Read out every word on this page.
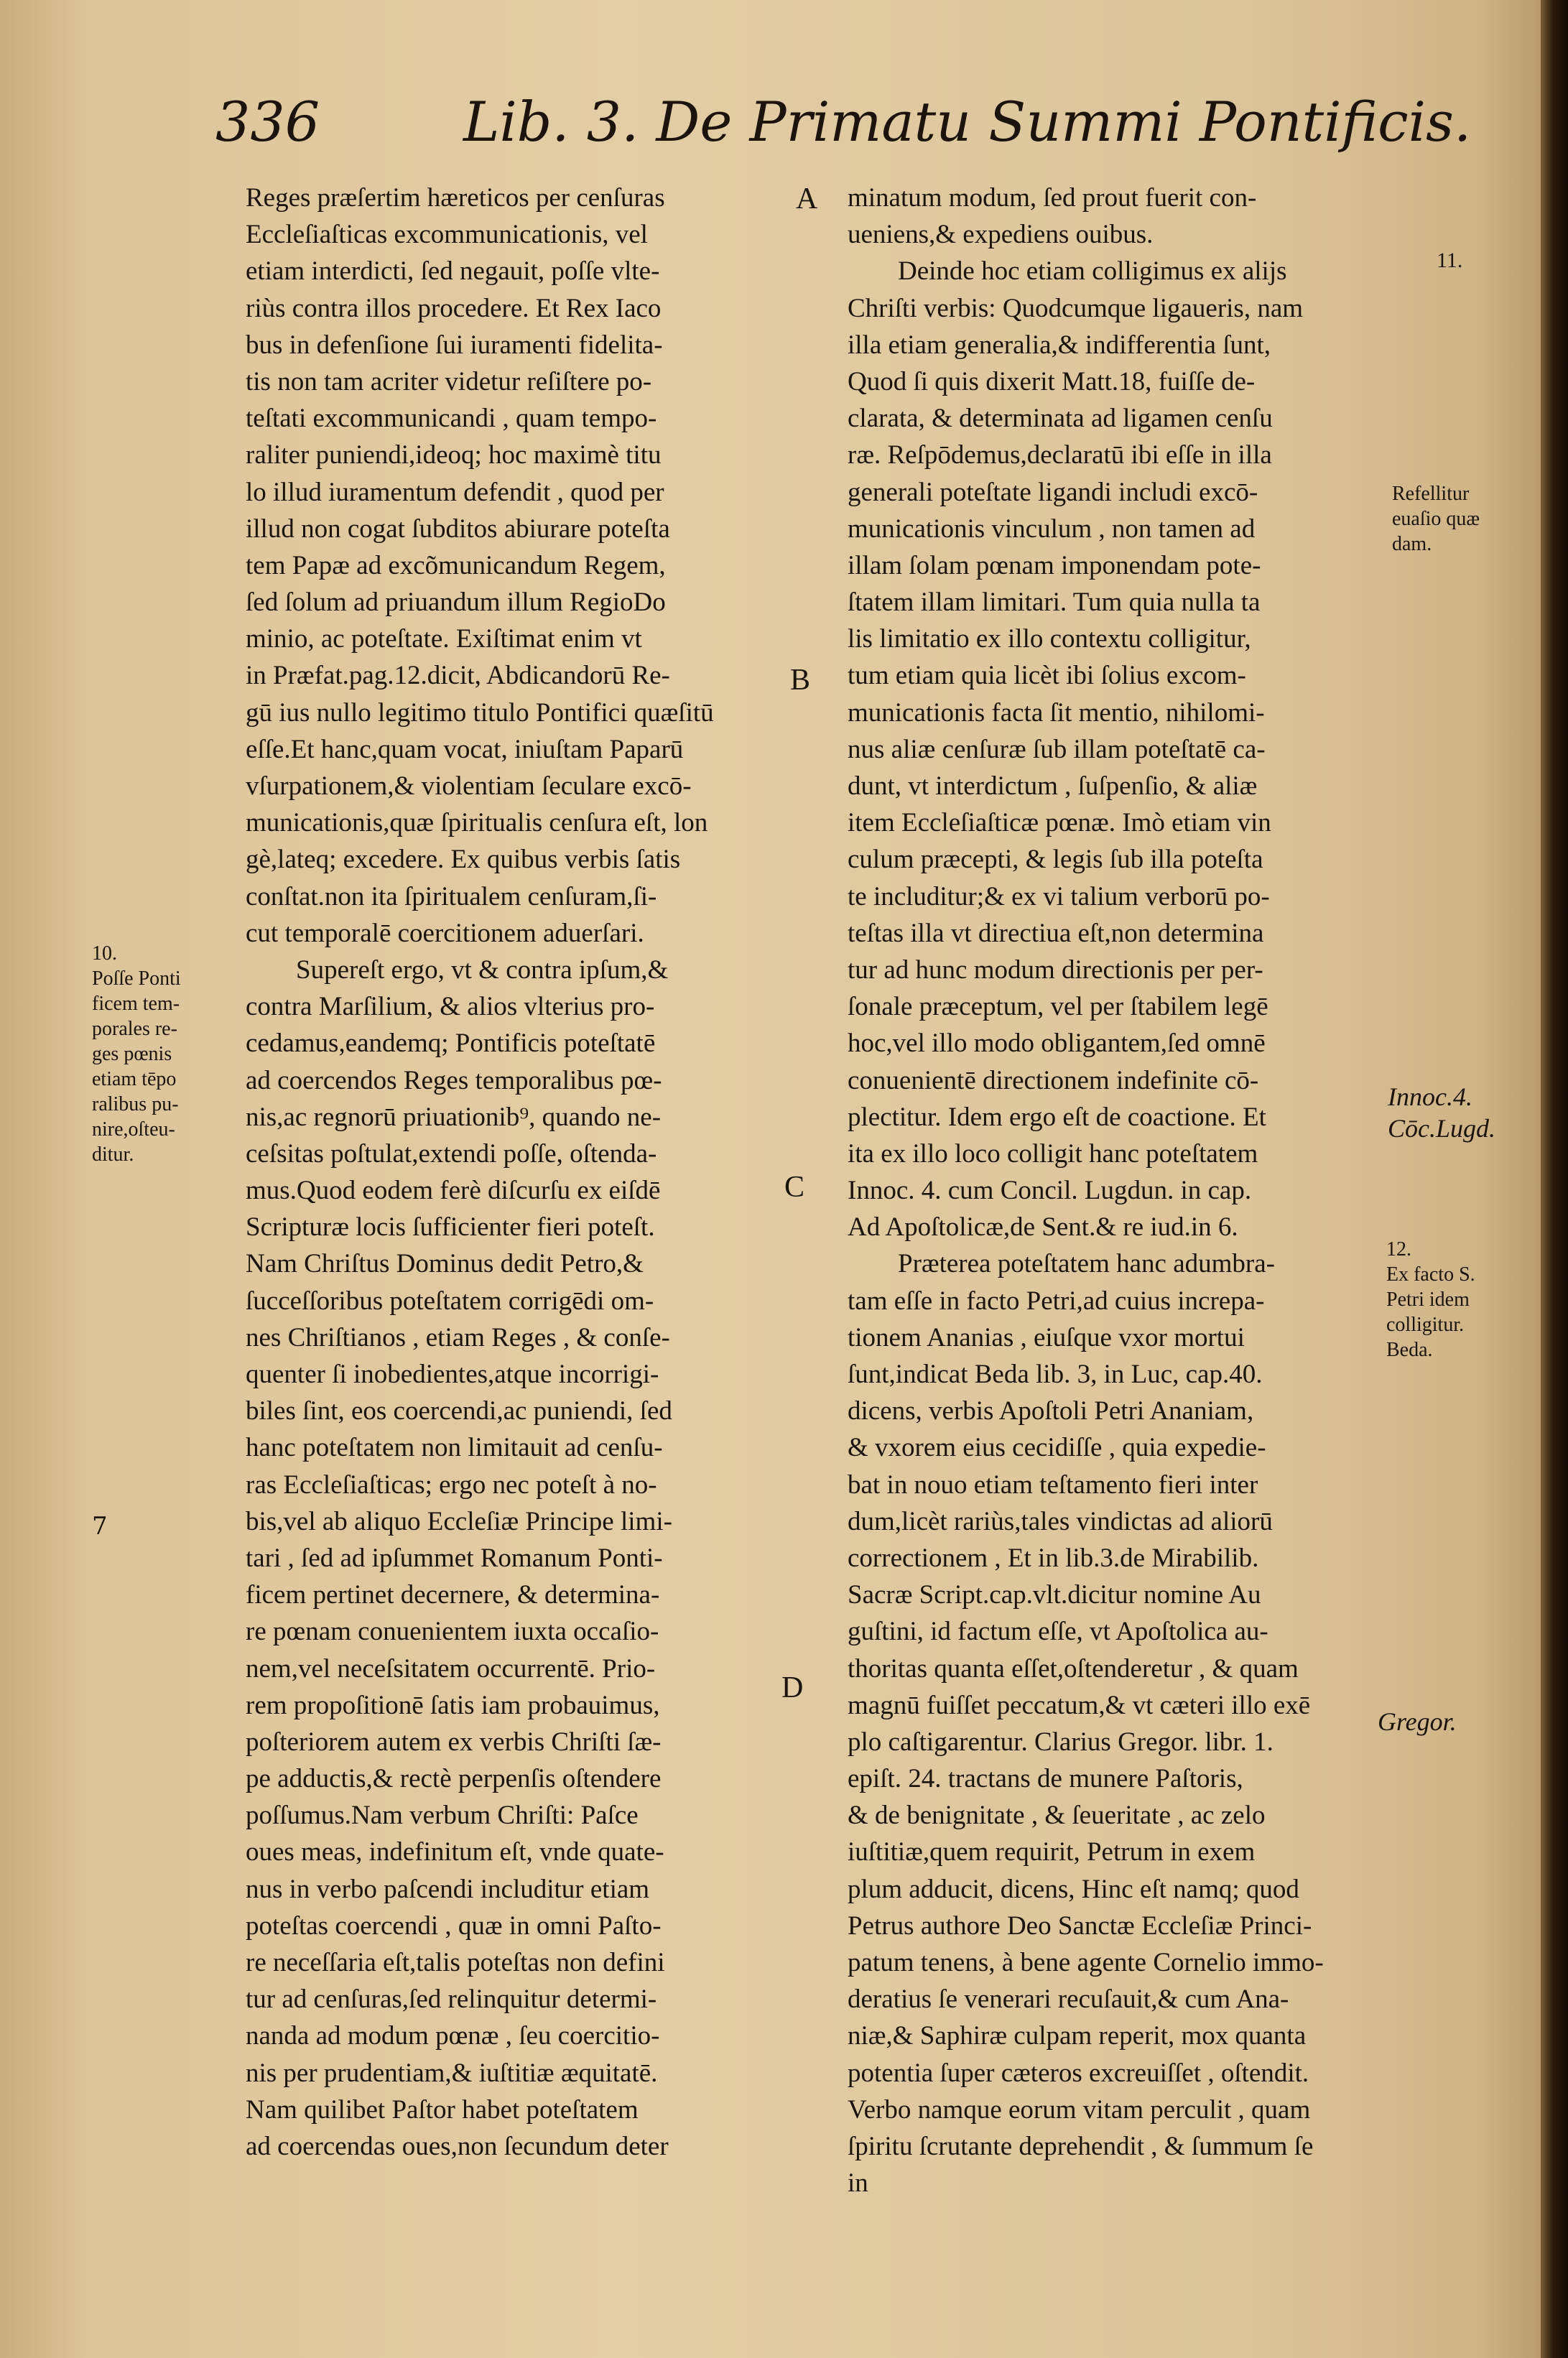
336	Lib. 3. De Primatu Summi Pontificis.
Reges præſertim hæreticos per cenſuras
Eccleſiaſticas excommunicationis, vel
etiam interdicti, ſed negauit, poſſe vlte-
riùs contra illos procedere. Et Rex Iaco
bus in defenſione ſui iuramenti fidelita-
tis non tam acriter videtur reſiſtere po-
teſtati excommunicandi , quam tempo-
raliter puniendi,ideoq; hoc maximè titu
lo illud iuramentum defendit , quod per
illud non cogat ſubditos abiurare poteſta
tem Papæ ad excõmunicandum Regem,
ſed ſolum ad priuandum illum RegioDo
minio, ac poteſtate. Exiſtimat enim vt
in Præfat.pag.12.dicit, Abdicandorū Re-
gū ius nullo legitimo titulo Pontifici quæſitū
eſſe.Et hanc,quam vocat, iniuſtam Paparū
vſurpationem,& violentiam ſeculare excō-
municationis,quæ ſpiritualis cenſura eſt, lon
gè,lateq; excedere. Ex quibus verbis ſatis
conſtat.non ita ſpiritualem cenſuram,ſi-
cut temporalē coercitionem aduerſari.
Supereſt ergo, vt & contra ipſum,&
contra Marſilium, & alios vlterius pro-
cedamus,eandemq; Pontificis poteſtatē
ad coercendos Reges temporalibus pœ-
nis,ac regnorū priuationib⁹, quando ne-
ceſsitas poſtulat,extendi poſſe, oſtenda-
mus.Quod eodem ferè diſcurſu ex eiſdē
Scripturæ locis ſufficienter fieri poteſt.
Nam Chriſtus Dominus dedit Petro,&
ſucceſſoribus poteſtatem corrigēdi om-
nes Chriſtianos , etiam Reges , & conſe-
quenter ſi inobedientes,atque incorrigi-
biles ſint, eos coercendi,ac puniendi, ſed
hanc poteſtatem non limitauit ad cenſu-
ras Eccleſiaſticas; ergo nec poteſt à no-
bis,vel ab aliquo Eccleſiæ Principe limi-
tari , ſed ad ipſummet Romanum Ponti-
ficem pertinet decernere, & determina-
re pœnam conuenientem iuxta occaſio-
nem,vel neceſsitatem occurrentē. Prio-
rem propoſitionē ſatis iam probauimus,
poſteriorem autem ex verbis Chriſti ſæ-
pe adductis,& rectè perpenſis oſtendere
poſſumus.Nam verbum Chriſti: Paſce
oues meas, indefinitum eſt, vnde quate-
nus in verbo paſcendi includitur etiam
poteſtas coercendi , quæ in omni Paſto-
re neceſſaria eſt,talis poteſtas non defini
tur ad cenſuras,ſed relinquitur determi-
nanda ad modum pœnæ , ſeu coercitio-
nis per prudentiam,& iuſtitiæ æquitatē.
Nam quilibet Paſtor habet poteſtatem
ad coercendas oues,non ſecundum deter
minatum modum, ſed prout fuerit con-
ueniens,& expediens ouibus.
Deinde hoc etiam colligimus ex alijs
Chriſti verbis: Quodcumque ligaueris, nam
illa etiam generalia,& indifferentia ſunt,
Quod ſi quis dixerit Matt.18, fuiſſe de-
clarata, & determinata ad ligamen cenſu
ræ. Reſpōdemus,declaratū ibi eſſe in illa
generali poteſtate ligandi includi excō-
municationis vinculum , non tamen ad
illam ſolam pœnam imponendam pote-
ſtatem illam limitari. Tum quia nulla ta
lis limitatio ex illo contextu colligitur,
tum etiam quia licèt ibi ſolius excom-
municationis facta ſit mentio, nihilomi-
nus aliæ cenſuræ ſub illam poteſtatē ca-
dunt, vt interdictum , ſuſpenſio, & aliæ
item Eccleſiaſticæ pœnæ. Imò etiam vin
culum præcepti, & legis ſub illa poteſta
te includitur;& ex vi talium verborū po-
teſtas illa vt directiua eſt,non determina
tur ad hunc modum directionis per per-
ſonale præceptum, vel per ſtabilem legē
hoc,vel illo modo obligantem,ſed omnē
conuenientē directionem indefinite cō-
plectitur. Idem ergo eſt de coactione. Et
ita ex illo loco colligit hanc poteſtatem
Innoc. 4. cum Concil. Lugdun. in cap.
Ad Apoſtolicæ,de Sent.& re iud.in 6.
Præterea poteſtatem hanc adumbra-
tam eſſe in facto Petri,ad cuius increpa-
tionem Ananias , eiuſque vxor mortui
ſunt,indicat Beda lib. 3, in Luc, cap.40.
dicens, verbis Apoſtoli Petri Ananiam,
& vxorem eius cecidiſſe , quia expedie-
bat in nouo etiam teſtamento fieri inter
dum,licèt rariùs,tales vindictas ad aliorū
correctionem , Et in lib.3.de Mirabilib.
Sacræ Script.cap.vlt.dicitur nomine Au
guſtini, id factum eſſe, vt Apoſtolica au-
thoritas quanta eſſet,oſtenderetur , & quam
magnū fuiſſet peccatum,& vt cæteri illo exē
plo caſtigarentur. Clarius Gregor. libr. 1.
epiſt. 24. tractans de munere Paſtoris,
& de benignitate , & ſeueritate , ac zelo
iuſtitiæ,quem requirit, Petrum in exem
plum adducit, dicens, Hinc eſt namq; quod
Petrus authore Deo Sanctæ Eccleſiæ Princi-
patum tenens, à bene agente Cornelio immo-
deratius ſe venerari recuſauit,& cum Ana-
niæ,& Saphiræ culpam reperit, mox quanta
potentia ſuper cæteros excreuiſſet , oſtendit.
Verbo namque eorum vitam perculit , quam
ſpiritu ſcrutante deprehendit , & ſummum ſe
in
A
B
C
D
10.
Poſſe Ponti
ficem tem-
porales re-
ges pœnis
etiam tēpo
ralibus pu-
nire,oſteu-
ditur.
11.
Refellitur
euaſio quæ
dam.
Innoc.4.
Cōc.Lugd.
12.
Ex facto S.
Petri idem
colligitur.
Beda.
Gregor.
7
